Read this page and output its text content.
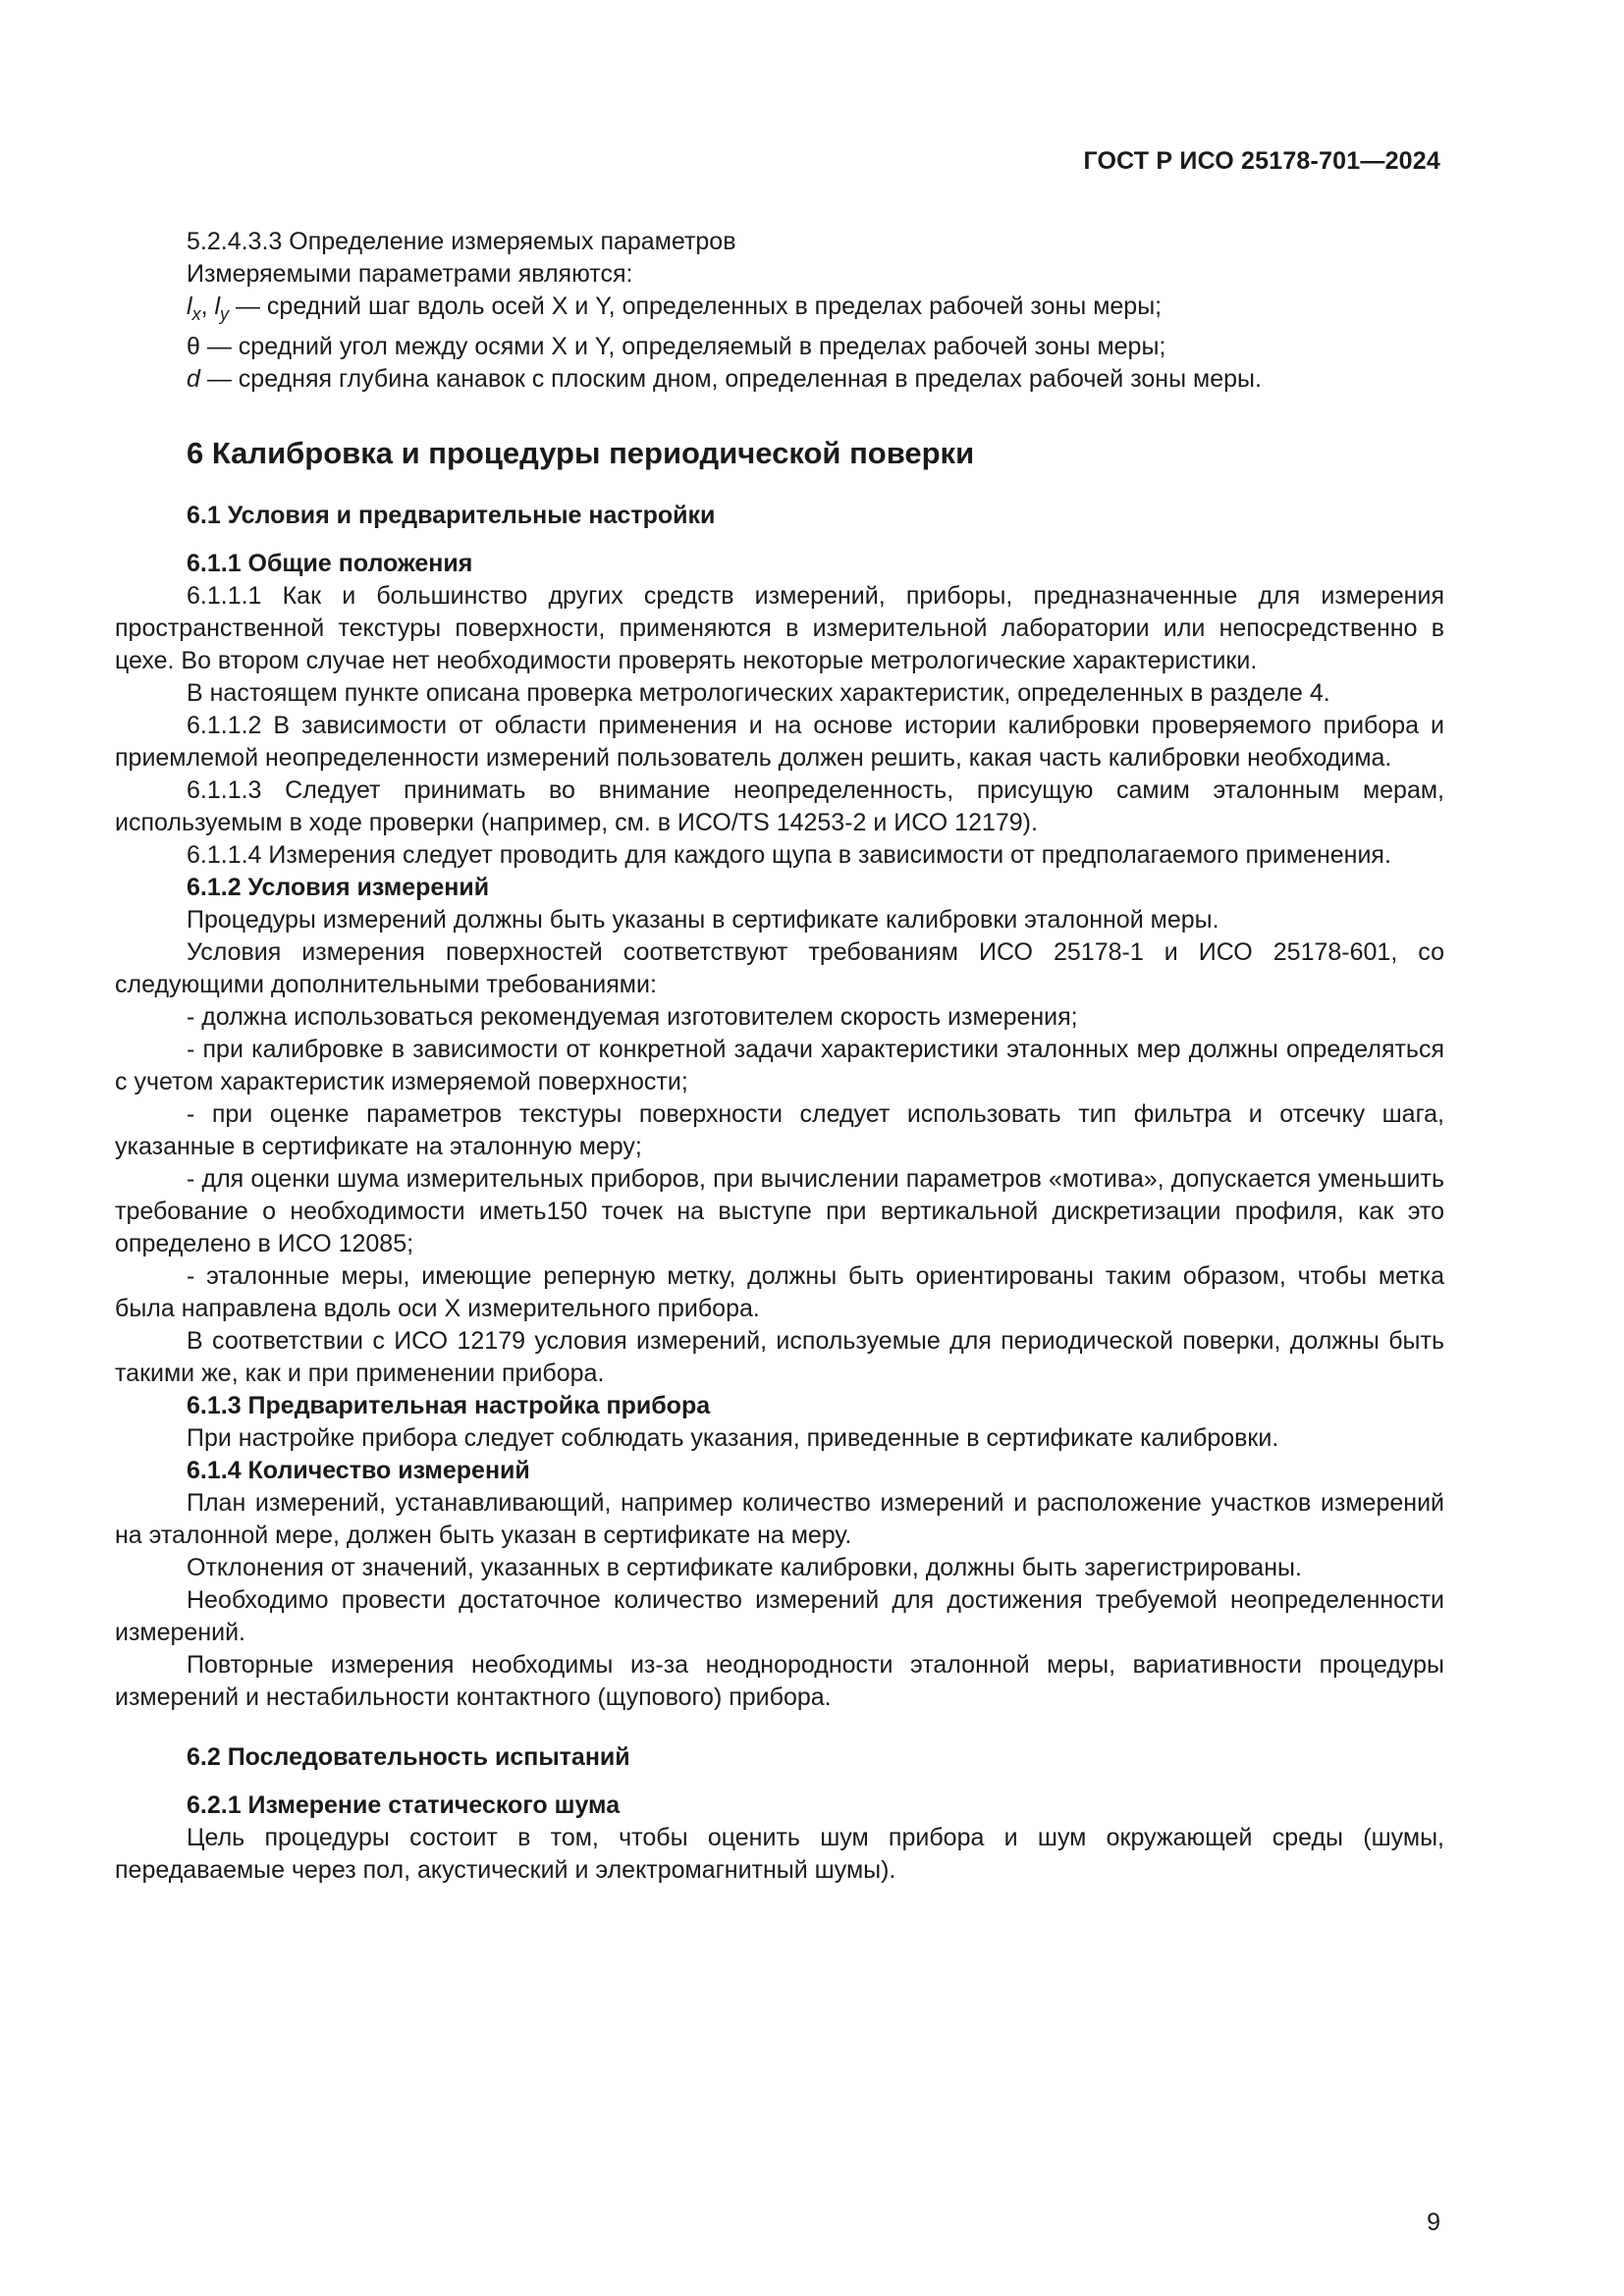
ГОСТ Р ИСО 25178-701—2024

5.2.4.3.3 Определение измеряемых параметров

Измеряемыми параметрами являются:

$l_x$, $l_y$ — средний шаг вдоль осей X и Y, определенных в пределах рабочей зоны меры;

θ — средний угол между осями X и Y, определяемый в пределах рабочей зоны меры;

d — средняя глубина канавок с плоским дном, определенная в пределах рабочей зоны меры.

6 Калибровка и процедуры периодической поверки
6.1 Условия и предварительные настройки
6.1.1 Общие положения

6.1.1.1 Как и большинство других средств измерений, приборы, предназначенные для измерения пространственной текстуры поверхности, применяются в измерительной лаборатории или непосредственно в цехе. Во втором случае нет необходимости проверять некоторые метрологические характеристики.

В настоящем пункте описана проверка метрологических характеристик, определенных в разделе 4.

6.1.1.2 В зависимости от области применения и на основе истории калибровки проверяемого прибора и приемлемой неопределенности измерений пользователь должен решить, какая часть калибровки необходима.

6.1.1.3 Следует принимать во внимание неопределенность, присущую самим эталонным мерам, используемым в ходе проверки (например, см. в ИСО/TS 14253-2 и ИСО 12179).

6.1.1.4 Измерения следует проводить для каждого щупа в зависимости от предполагаемого применения.

6.1.2 Условия измерений

Процедуры измерений должны быть указаны в сертификате калибровки эталонной меры.

Условия измерения поверхностей соответствуют требованиям ИСО 25178-1 и ИСО 25178-601, со следующими дополнительными требованиями:

- должна использоваться рекомендуемая изготовителем скорость измерения;

- при калибровке в зависимости от конкретной задачи характеристики эталонных мер должны определяться с учетом характеристик измеряемой поверхности;

- при оценке параметров текстуры поверхности следует использовать тип фильтра и отсечку шага, указанные в сертификате на эталонную меру;

- для оценки шума измерительных приборов, при вычислении параметров «мотива», допускается уменьшить требование о необходимости иметь150 точек на выступе при вертикальной дискретизации профиля, как это определено в ИСО 12085;

- эталонные меры, имеющие реперную метку, должны быть ориентированы таким образом, чтобы метка была направлена вдоль оси X измерительного прибора.

В соответствии с ИСО 12179 условия измерений, используемые для периодической поверки, должны быть такими же, как и при применении прибора.

6.1.3 Предварительная настройка прибора

При настройке прибора следует соблюдать указания, приведенные в сертификате калибровки.

6.1.4 Количество измерений

План измерений, устанавливающий, например количество измерений и расположение участков измерений на эталонной мере, должен быть указан в сертификате на меру.

Отклонения от значений, указанных в сертификате калибровки, должны быть зарегистрированы.

Необходимо провести достаточное количество измерений для достижения требуемой неопределенности измерений.

Повторные измерения необходимы из-за неоднородности эталонной меры, вариативности процедуры измерений и нестабильности контактного (щупового) прибора.

6.2 Последовательность испытаний
6.2.1 Измерение статического шума

Цель процедуры состоит в том, чтобы оценить шум прибора и шум окружающей среды (шумы, передаваемые через пол, акустический и электромагнитный шумы).

9
